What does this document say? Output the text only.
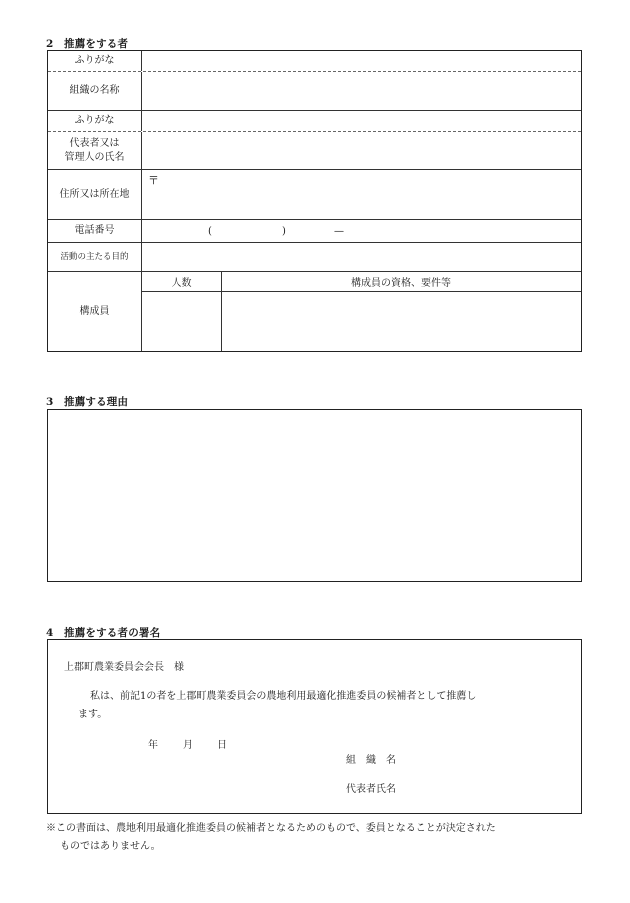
2 推薦をする者
ふりがな
組織の名称
ふりがな
代表者又は
管理人の氏名
住所又は所在地
〒
電話番号	(	)	—
活動の主たる目的
構成員
人数	構成員の資格、要件等
3 推薦する理由
4 推薦をする者の署名
上郡町農業委員会会長　様
私は、前記1の者を上郡町農業委員会の農地利用最適化推進委員の候補者として推薦し
ます。
年	月 日
組　織　名
代表者氏名
※この書面は、農地利用最適化推進委員の候補者となるためのもので、委員となることが決定された
ものではありません。
